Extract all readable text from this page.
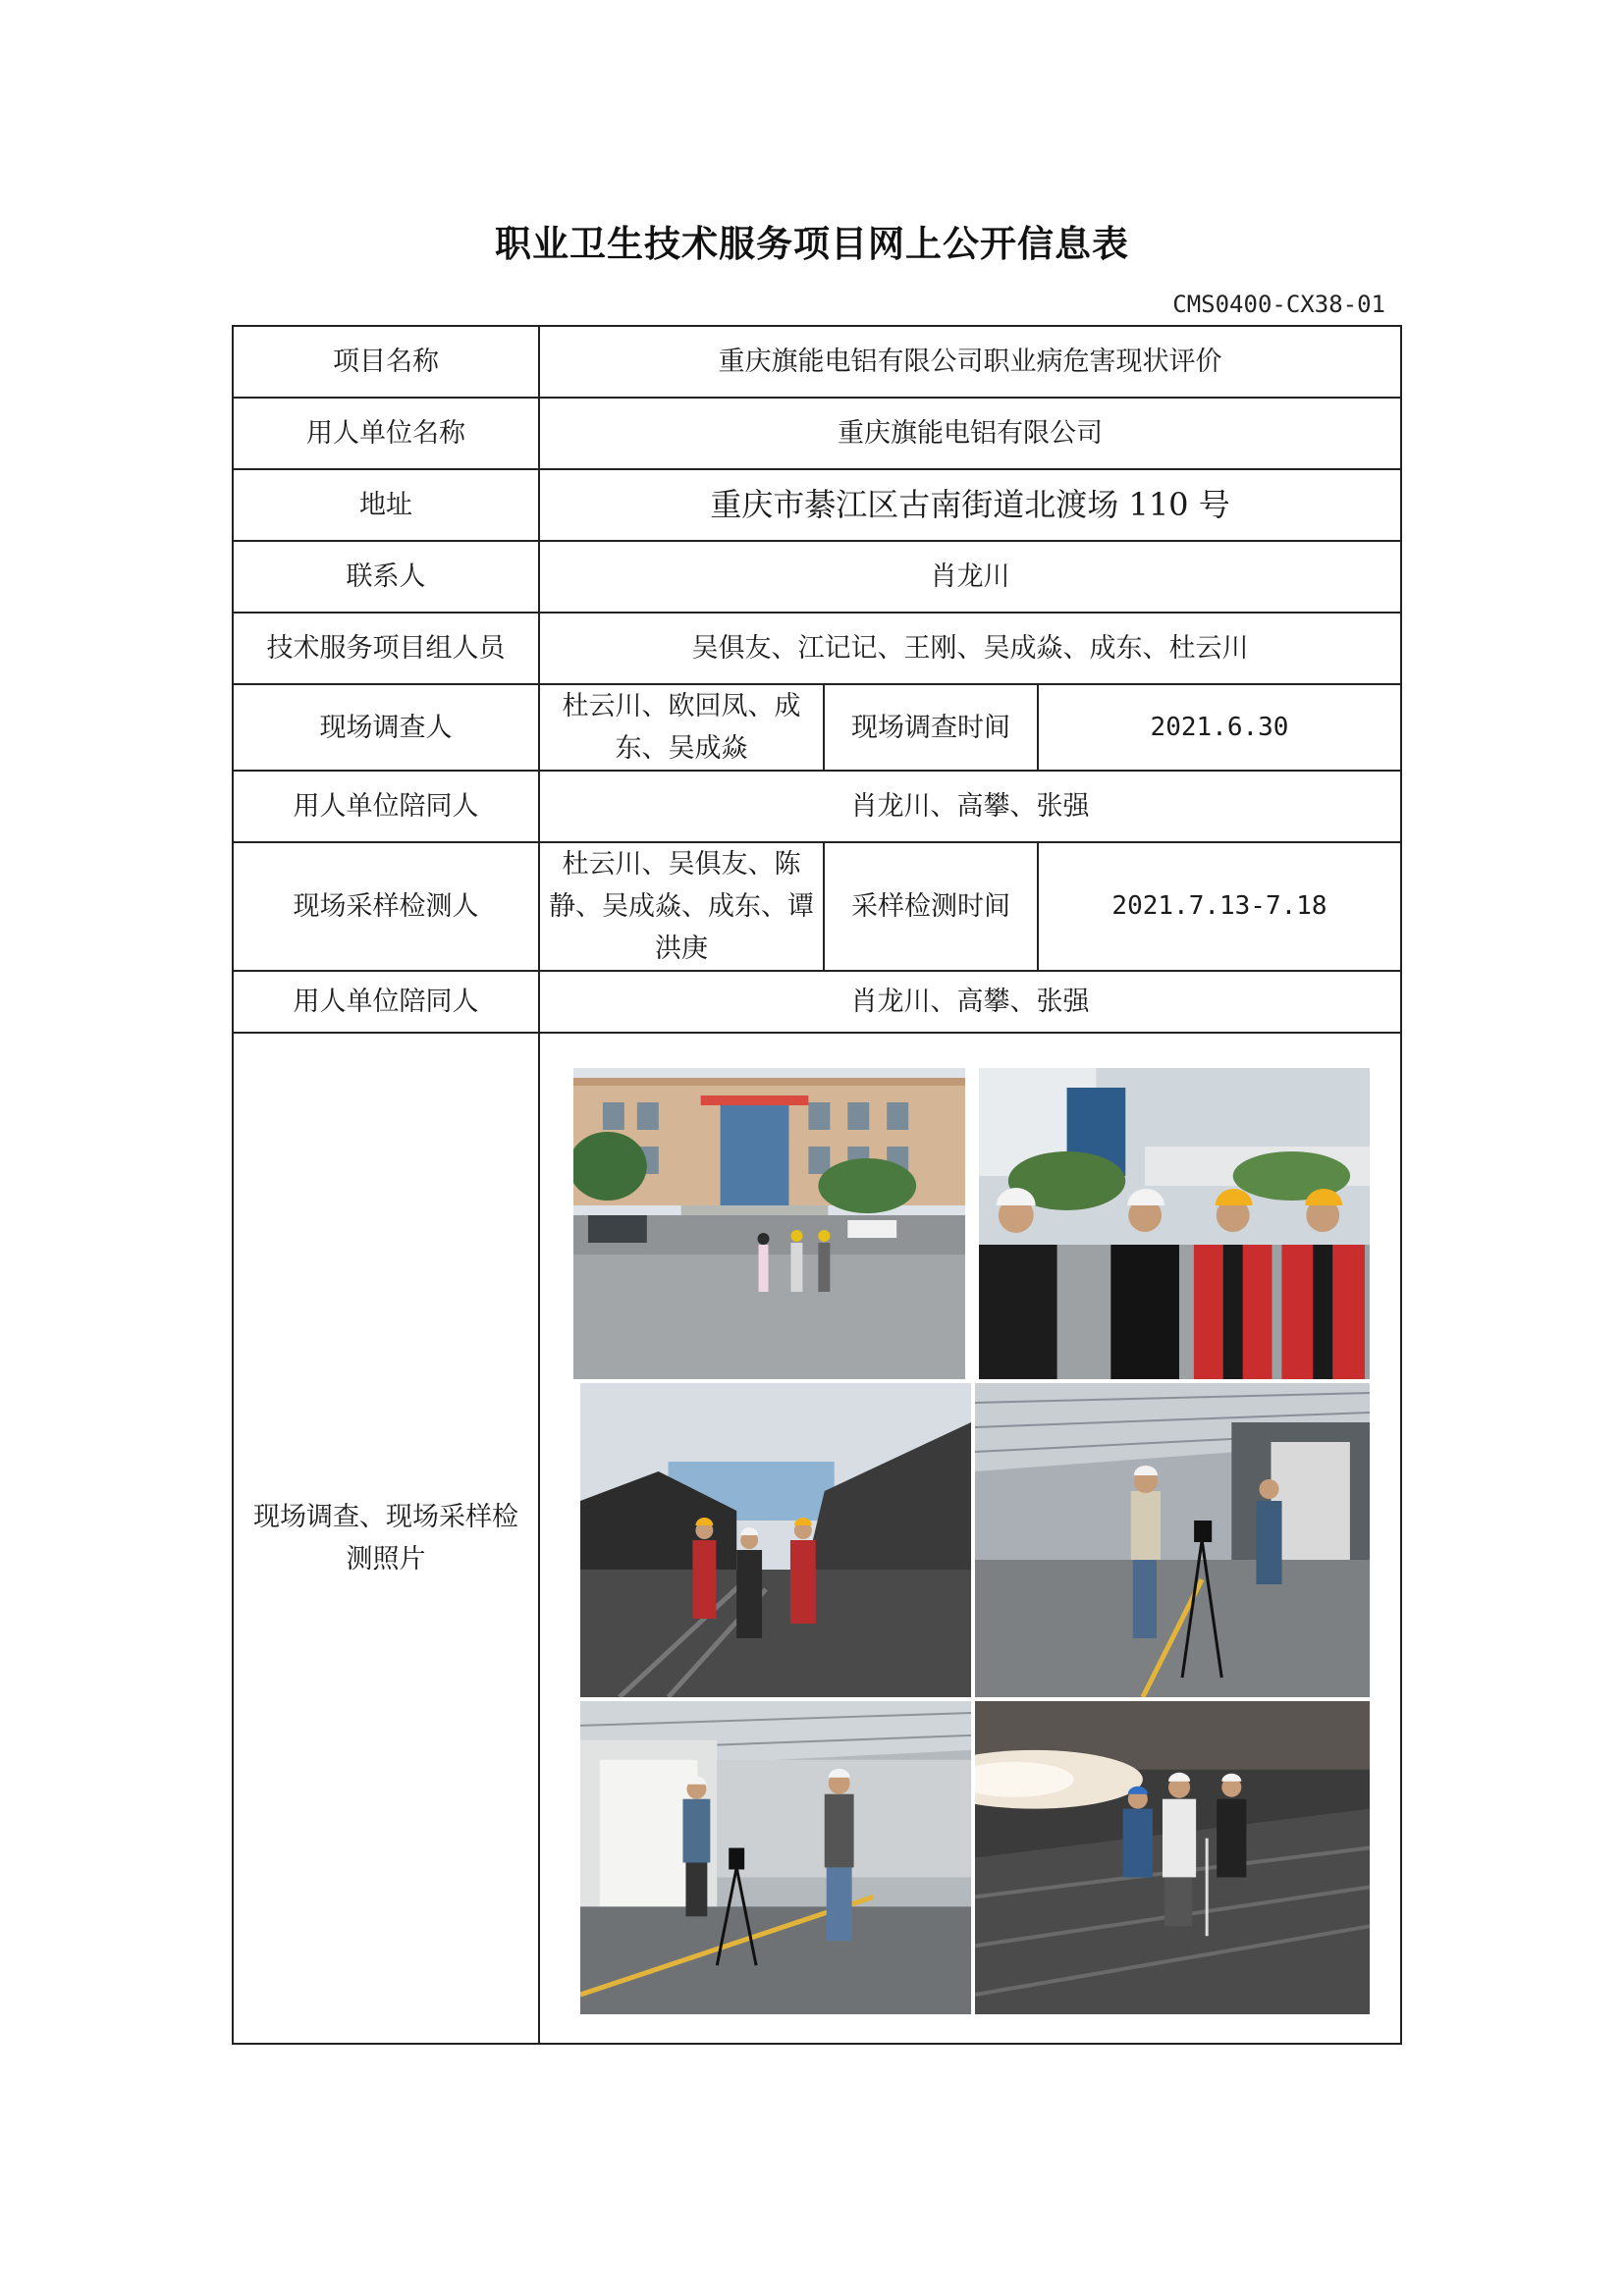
职业卫生技术服务项目网上公开信息表
CMS0400-CX38-01
项目名称	重庆旗能电铝有限公司职业病危害现状评价		
用人单位名称	重庆旗能电铝有限公司		
地址	重庆市綦江区古南街道北渡场 110 号		
联系人	肖龙川		
技术服务项目组人员	吴俱友、江记记、王刚、吴成焱、成东、杜云川		
现场调查人	杜云川、欧回凤、成东、吴成焱	现场调查时间	2021.6.30
用人单位陪同人	肖龙川、高攀、张强		
现场采样检测人	杜云川、吴俱友、陈静、吴成焱、成东、谭洪庚	采样检测时间	2021.7.13-7.18
用人单位陪同人	肖龙川、高攀、张强		
现场调查、现场采样检测照片	
